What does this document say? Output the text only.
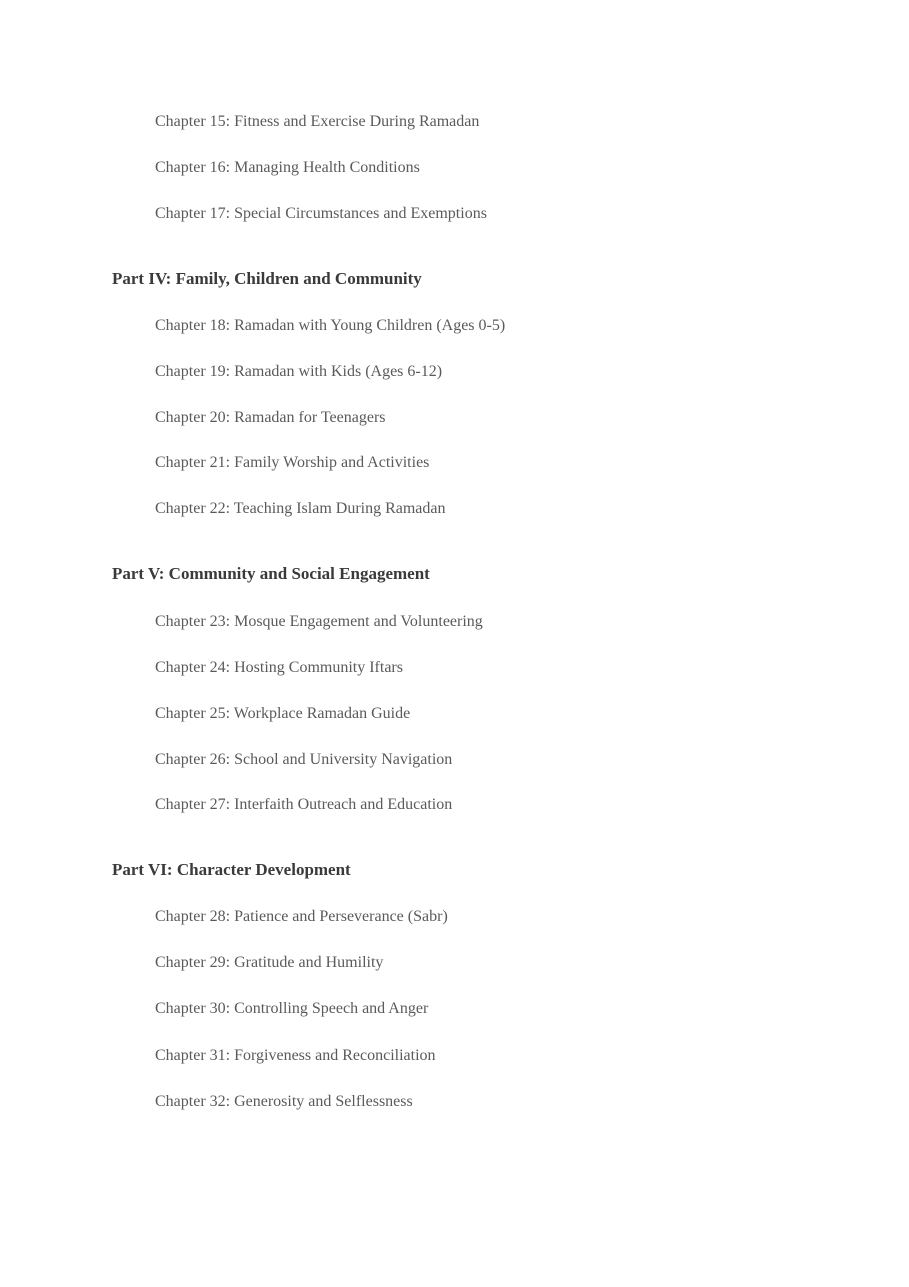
Chapter 15: Fitness and Exercise During Ramadan

Chapter 16: Managing Health Conditions

Chapter 17: Special Circumstances and Exemptions

Part IV: Family, Children and Community

Chapter 18: Ramadan with Young Children (Ages 0-5)

Chapter 19: Ramadan with Kids (Ages 6-12)

Chapter 20: Ramadan for Teenagers

Chapter 21: Family Worship and Activities

Chapter 22: Teaching Islam During Ramadan

Part V: Community and Social Engagement

Chapter 23: Mosque Engagement and Volunteering

Chapter 24: Hosting Community Iftars

Chapter 25: Workplace Ramadan Guide

Chapter 26: School and University Navigation

Chapter 27: Interfaith Outreach and Education

Part VI: Character Development

Chapter 28: Patience and Perseverance (Sabr)

Chapter 29: Gratitude and Humility

Chapter 30: Controlling Speech and Anger

Chapter 31: Forgiveness and Reconciliation

Chapter 32: Generosity and Selflessness
